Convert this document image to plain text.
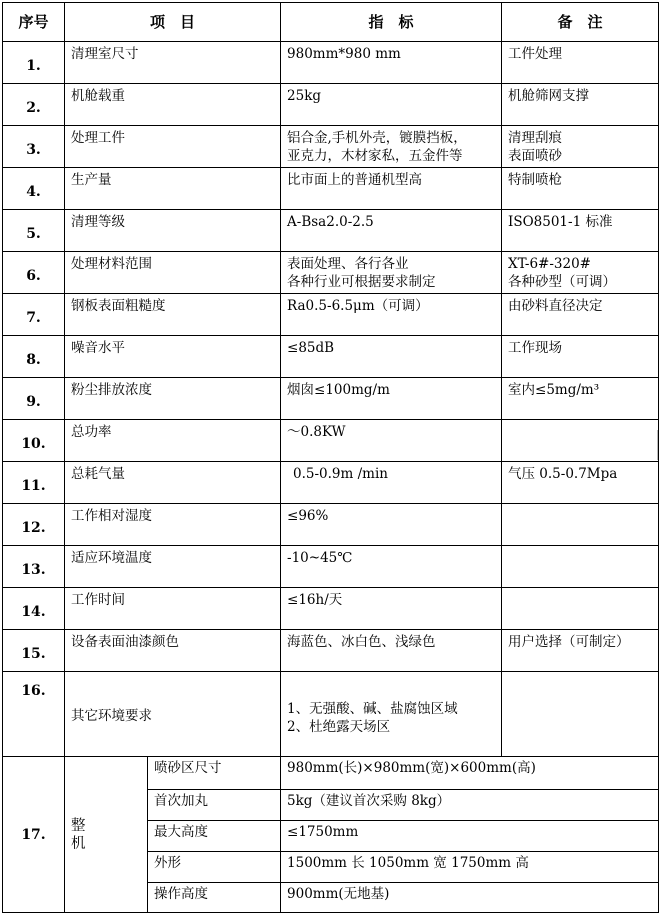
序号	项　目		指　标	备　注
1.	清理室尺寸		980mm*980 mm	工件处理

2.	机舱载重		25kg	机舱筛网支撑

3.	处理工件		铝合金,手机外壳，镀膜挡板，
亚克力，木材家私，五金件等	清理刮痕
表面喷砂

4.	生产量		比市面上的普通机型高	特制喷枪

5.	清理等级		A-Bsa2.0-2.5	ISO8501-1 标准

6.	处理材料范围		表面处理、各行各业
各种行业可根据要求制定	XT-6#-320#
各种砂型（可调）

7.	钢板表面粗糙度		Ra0.5-6.5μm（可调）	由砂料直径决定

8.	噪音水平		≤85dB	工作现场

9.	粉尘排放浓度		烟囱≤100mg/m	室内≤5mg/m³

10.	总功率		～0.8KW	

11.	总耗气量		0.5-0.9m /min	气压 0.5-0.7Mpa

12.	工作相对湿度		≤96%	

13.	适应环境温度		-10~45℃	

14.	工作时间		≤16h/天	

15.	设备表面油漆颜色		海蓝色、冰白色、浅绿色	用户选择（可制定）

16.	其它环境要求		1、无强酸、碱、盐腐蚀区域
2、杜绝露天场区	

17.	整
机	喷砂区尺寸	980mm(长)×980mm(宽)×600mm(高)	
		首次加丸	5kg（建议首次采购 8kg）	
		最大高度	≤1750mm	
		外形	1500mm 长 1050mm 宽 1750mm 高	
		操作高度	900mm(无地基)	
